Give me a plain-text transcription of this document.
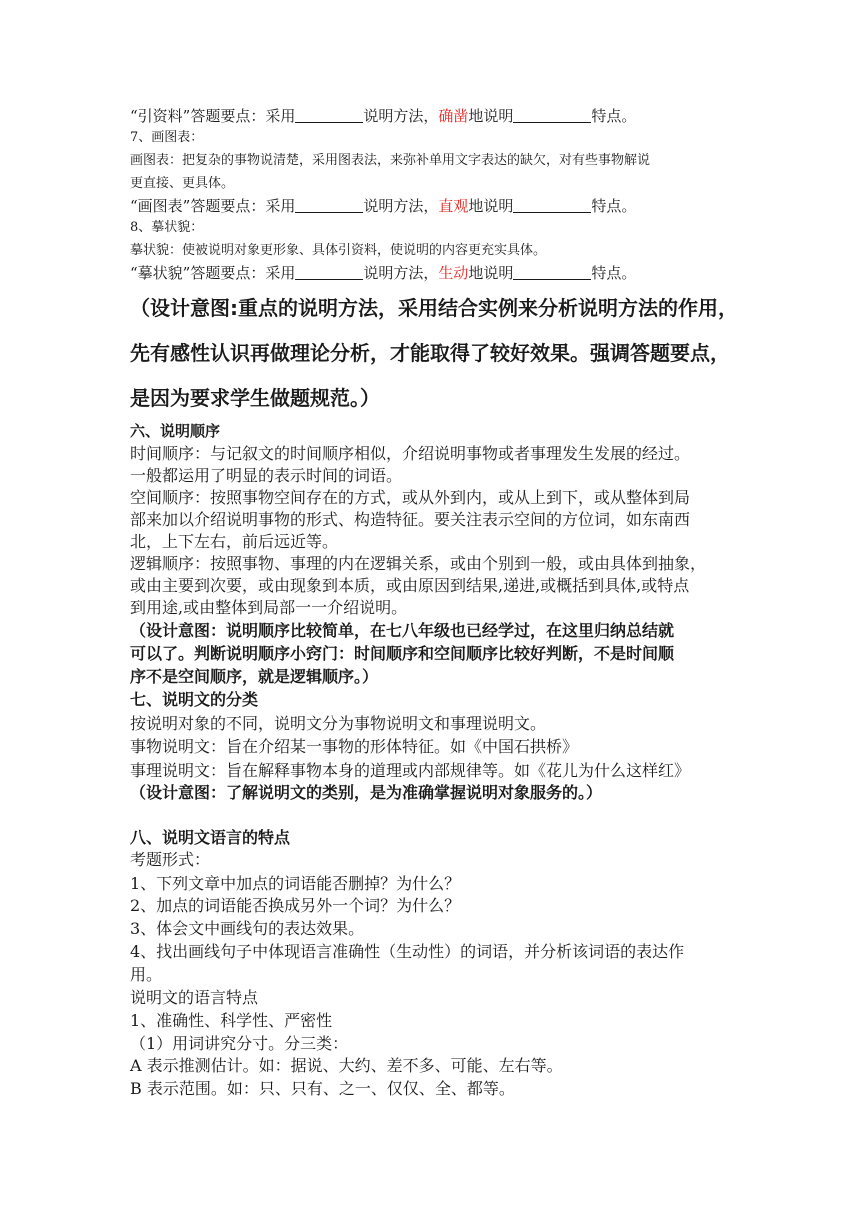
“引资料”答题要点：采用	说明方法，确凿地说明	特点。

7、画图表：

画图表：把复杂的事物说清楚，采用图表法，来弥补单用文字表达的缺欠，对有些事物解说

更直接、更具体。

“画图表”答题要点：采用	说明方法，直观地说明	特点。

8、摹状貌：

摹状貌：使被说明对象更形象、具体引资料，使说明的内容更充实具体。

“摹状貌”答题要点：采用	说明方法，生动地说明	特点。

（设计意图:重点的说明方法，采用结合实例来分析说明方法的作用，

先有感性认识再做理论分析，才能取得了较好效果。强调答题要点，

是因为要求学生做题规范。）

六、说明顺序

时间顺序：与记叙文的时间顺序相似，介绍说明事物或者事理发生发展的经过。

一般都运用了明显的表示时间的词语。

空间顺序：按照事物空间存在的方式，或从外到内，或从上到下，或从整体到局

部来加以介绍说明事物的形式、构造特征。要关注表示空间的方位词，如东南西

北，上下左右，前后远近等。

逻辑顺序：按照事物、事理的内在逻辑关系，或由个别到一般，或由具体到抽象，

或由主要到次要，或由现象到本质，或由原因到结果,递进,或概括到具体,或特点

到用途,或由整体到局部一一介绍说明。

（设计意图：说明顺序比较简单，在七八年级也已经学过，在这里归纳总结就

可以了。判断说明顺序小窍门：时间顺序和空间顺序比较好判断，不是时间顺

序不是空间顺序，就是逻辑顺序。）

七、说明文的分类

按说明对象的不同，说明文分为事物说明文和事理说明文。

事物说明文：旨在介绍某一事物的形体特征。如《中国石拱桥》

事理说明文：旨在解释事物本身的道理或内部规律等。如《花儿为什么这样红》

（设计意图：了解说明文的类别，是为准确掌握说明对象服务的。）

八、说明文语言的特点

考题形式：

1、下列文章中加点的词语能否删掉？为什么？

2、加点的词语能否换成另外一个词？为什么？

3、体会文中画线句的表达效果。

4、找出画线句子中体现语言准确性（生动性）的词语，并分析该词语的表达作

用。

说明文的语言特点

1、准确性、科学性、严密性

（1）用词讲究分寸。分三类：

A 表示推测估计。如：据说、大约、差不多、可能、左右等。

B 表示范围。如：只、只有、之一、仅仅、全、都等。
